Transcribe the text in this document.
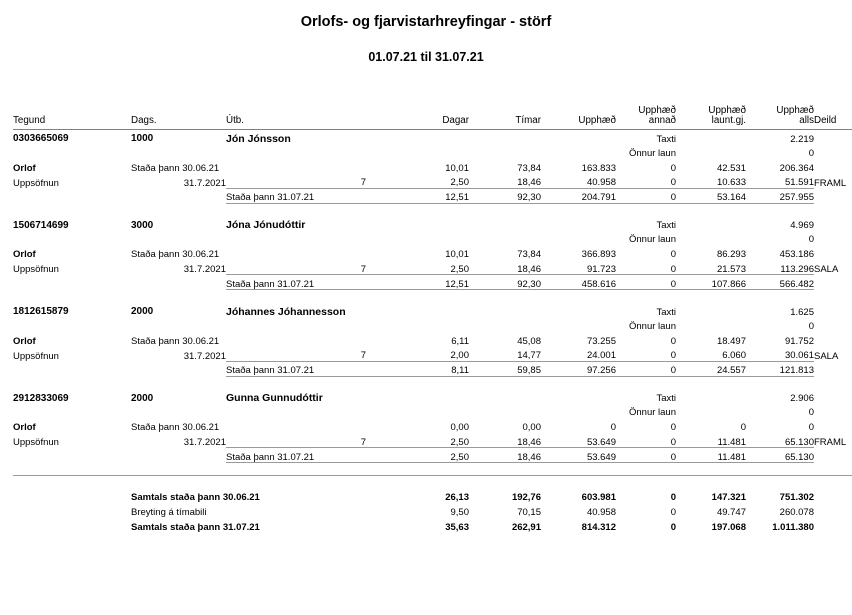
Orlofs- og fjarvistarhreyfingar - störf
01.07.21 til 31.07.21
							Upphæð	Upphæð	Upphæð	
Tegund	Dags.	Útb.		Dagar	Tímar	Upphæð	annað	launt.gj.	alls	Deild

0303665069	1000	Jón Jónsson					Taxti		2.219	
							Önnur laun		0	
Orlof	Staða þann 30.06.21			10,01	73,84	163.833	0	42.531	206.364	
Uppsöfnun	31.7.2021	7		2,50	18,46	40.958	0	10.633	51.591	FRAML
		Staða þann 31.07.21		12,51	92,30	204.791	0	53.164	257.955	

1506714699	3000	Jóna Jónudóttir					Taxti		4.969	
							Önnur laun		0	
Orlof	Staða þann 30.06.21			10,01	73,84	366.893	0	86.293	453.186	
Uppsöfnun	31.7.2021	7		2,50	18,46	91.723	0	21.573	113.296	SALA
		Staða þann 31.07.21		12,51	92,30	458.616	0	107.866	566.482	

1812615879	2000	Jóhannes Jóhannesson					Taxti		1.625	
							Önnur laun		0	
Orlof	Staða þann 30.06.21			6,11	45,08	73.255	0	18.497	91.752	
Uppsöfnun	31.7.2021	7		2,00	14,77	24.001	0	6.060	30.061	SALA
		Staða þann 31.07.21		8,11	59,85	97.256	0	24.557	121.813	

2912833069	2000	Gunna Gunnudóttir					Taxti		2.906	
							Önnur laun		0	
Orlof	Staða þann 30.06.21			0,00	0,00	0	0	0	0	
Uppsöfnun	31.7.2021	7		2,50	18,46	53.649	0	11.481	65.130	FRAML
		Staða þann 31.07.21		2,50	18,46	53.649	0	11.481	65.130	

	Samtals staða þann 30.06.21			26,13	192,76	603.981	0	147.321	751.302	
	Breyting á tímabili			9,50	70,15	40.958	0	49.747	260.078	
	Samtals staða þann 31.07.21			35,63	262,91	814.312	0	197.068	1.011.380	
